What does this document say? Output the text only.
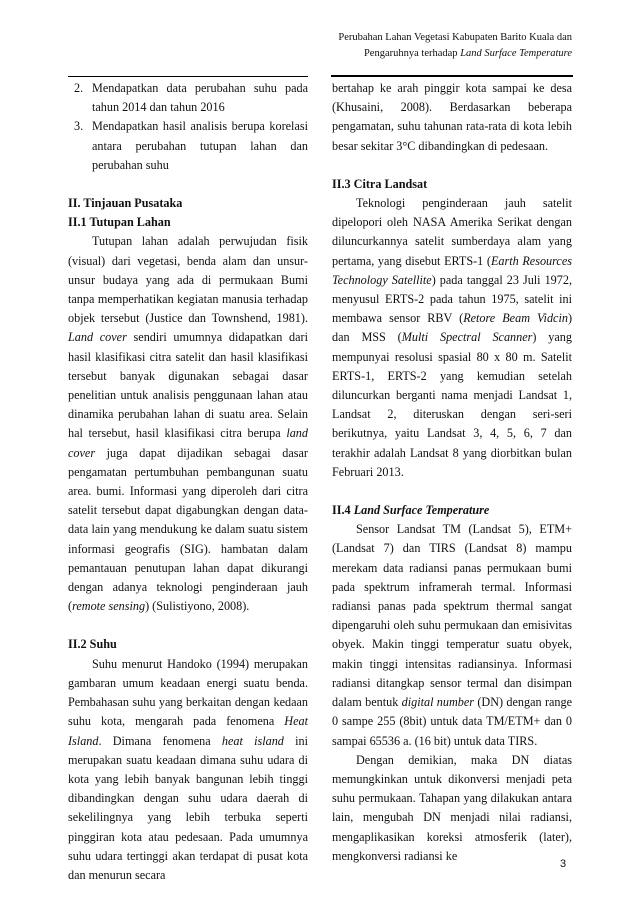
Perubahan Lahan Vegetasi Kabupaten Barito Kuala dan
Pengaruhnya terhadap Land Surface Temperature
2. Mendapatkan data perubahan suhu pada tahun 2014 dan tahun 2016
3. Mendapatkan hasil analisis berupa korelasi antara perubahan tutupan lahan dan perubahan suhu

II. Tinjauan Pusataka

II.1 Tutupan Lahan

Tutupan lahan adalah perwujudan fisik (visual) dari vegetasi, benda alam dan unsur-unsur budaya yang ada di permukaan Bumi tanpa memperhatikan kegiatan manusia terhadap objek tersebut (Justice dan Townshend, 1981). Land cover sendiri umumnya didapatkan dari hasil klasifikasi citra satelit dan hasil klasifikasi tersebut banyak digunakan sebagai dasar penelitian untuk analisis penggunaan lahan atau dinamika perubahan lahan di suatu area. Selain hal tersebut, hasil klasifikasi citra berupa land cover juga dapat dijadikan sebagai dasar pengamatan pertumbuhan pembangunan suatu area. bumi. Informasi yang diperoleh dari citra satelit tersebut dapat digabungkan dengan data-data lain yang mendukung ke dalam suatu sistem informasi geografis (SIG). hambatan dalam pemantauan penutupan lahan dapat dikurangi dengan adanya teknologi penginderaan jauh (remote sensing) (Sulistiyono, 2008).

II.2 Suhu

Suhu menurut Handoko (1994) merupakan gambaran umum keadaan energi suatu benda. Pembahasan suhu yang berkaitan dengan kedaan suhu kota, mengarah pada fenomena Heat Island. Dimana fenomena heat island ini merupakan suatu keadaan dimana suhu udara di kota yang lebih banyak bangunan lebih tinggi dibandingkan dengan suhu udara daerah di sekelilingnya yang lebih terbuka seperti pinggiran kota atau pedesaan. Pada umumnya suhu udara tertinggi akan terdapat di pusat kota dan menurun secara

bertahap ke arah pinggir kota sampai ke desa (Khusaini, 2008). Berdasarkan beberapa pengamatan, suhu tahunan rata-rata di kota lebih besar sekitar 3°C dibandingkan di pedesaan.

II.3 Citra Landsat

Teknologi penginderaan jauh satelit dipelopori oleh NASA Amerika Serikat dengan diluncurkannya satelit sumberdaya alam yang pertama, yang disebut ERTS-1 (Earth Resources Technology Satellite) pada tanggal 23 Juli 1972, menyusul ERTS-2 pada tahun 1975, satelit ini membawa sensor RBV (Retore Beam Vidcin) dan MSS (Multi Spectral Scanner) yang mempunyai resolusi spasial 80 x 80 m. Satelit ERTS-1, ERTS-2 yang kemudian setelah diluncurkan berganti nama menjadi Landsat 1, Landsat 2, diteruskan dengan seri-seri berikutnya, yaitu Landsat 3, 4, 5, 6, 7 dan terakhir adalah Landsat 8 yang diorbitkan bulan Februari 2013.

II.4 Land Surface Temperature

Sensor Landsat TM (Landsat 5), ETM+ (Landsat 7) dan TIRS (Landsat 8) mampu merekam data radiansi panas permukaan bumi pada spektrum inframerah termal. Informasi radiansi panas pada spektrum thermal sangat dipengaruhi oleh suhu permukaan dan emisivitas obyek. Makin tinggi temperatur suatu obyek, makin tinggi intensitas radiansinya. Informasi radiansi ditangkap sensor termal dan disimpan dalam bentuk digital number (DN) dengan range 0 sampe 255 (8bit) untuk data TM/ETM+ dan 0 sampai 65536 a. (16 bit) untuk data TIRS.

Dengan demikian, maka DN diatas memungkinkan untuk dikonversi menjadi peta suhu permukaan. Tahapan yang dilakukan antara lain, mengubah DN menjadi nilai radiansi, mengaplikasikan koreksi atmosferik (later), mengkonversi radiansi ke

3
